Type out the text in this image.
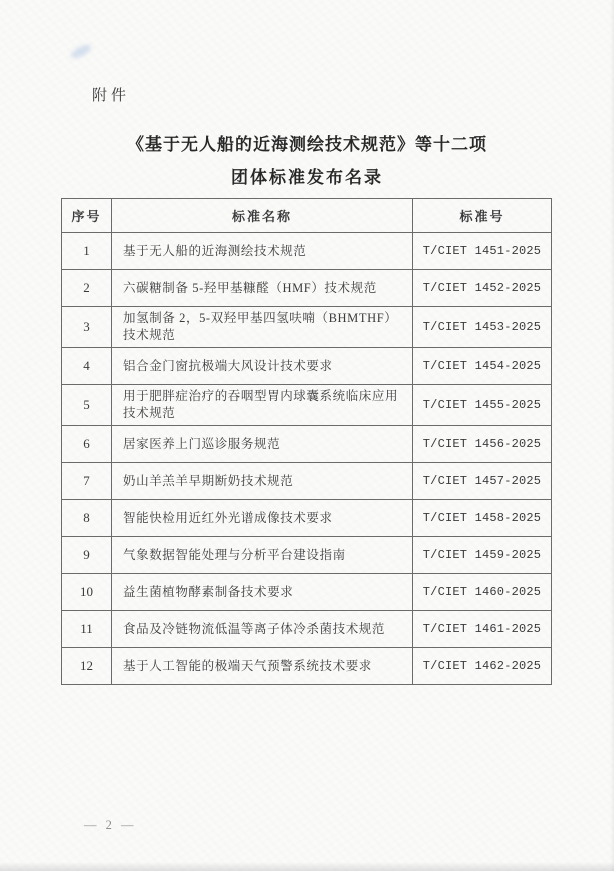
附件
《基于无人船的近海测绘技术规范》等十二项
团体标准发布名录
序号	标准名称	标准号
1	基于无人船的近海测绘技术规范	T/CIET 1451-2025
2	六碳糖制备 5-羟甲基糠醛（HMF）技术规范	T/CIET 1452-2025
3	加氢制备 2，5-双羟甲基四氢呋喃（BHMTHF）技术规范	T/CIET 1453-2025
4	铝合金门窗抗极端大风设计技术要求	T/CIET 1454-2025
5	用于肥胖症治疗的吞咽型胃内球囊系统临床应用技术规范	T/CIET 1455-2025
6	居家医养上门巡诊服务规范	T/CIET 1456-2025
7	奶山羊羔羊早期断奶技术规范	T/CIET 1457-2025
8	智能快检用近红外光谱成像技术要求	T/CIET 1458-2025
9	气象数据智能处理与分析平台建设指南	T/CIET 1459-2025
10	益生菌植物酵素制备技术要求	T/CIET 1460-2025
11	食品及冷链物流低温等离子体冷杀菌技术规范	T/CIET 1461-2025
12	基于人工智能的极端天气预警系统技术要求	T/CIET 1462-2025
— 2 —
